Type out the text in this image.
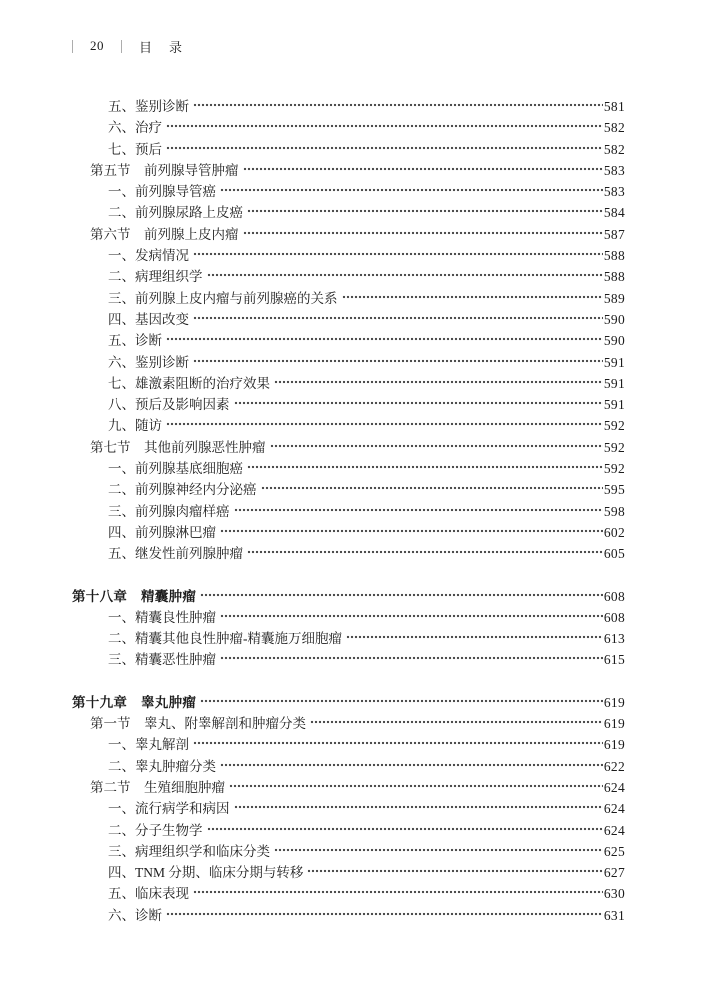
20	目　录
五、鉴别诊断	581
六、治疗	582
七、预后	582
第五节　前列腺导管肿瘤	583
一、前列腺导管癌	583
二、前列腺尿路上皮癌	584
第六节　前列腺上皮内瘤	587
一、发病情况	588
二、病理组织学	588
三、前列腺上皮内瘤与前列腺癌的关系	589
四、基因改变	590
五、诊断	590
六、鉴别诊断	591
七、雄激素阻断的治疗效果	591
八、预后及影响因素	591
九、随访	592
第七节　其他前列腺恶性肿瘤	592
一、前列腺基底细胞癌	592
二、前列腺神经内分泌癌	595
三、前列腺肉瘤样癌	598
四、前列腺淋巴瘤	602
五、继发性前列腺肿瘤	605
第十八章　精囊肿瘤	608
一、精囊良性肿瘤	608
二、精囊其他良性肿瘤-精囊施万细胞瘤	613
三、精囊恶性肿瘤	615
第十九章　睾丸肿瘤	619
第一节　睾丸、附睾解剖和肿瘤分类	619
一、睾丸解剖	619
二、睾丸肿瘤分类	622
第二节　生殖细胞肿瘤	624
一、流行病学和病因	624
二、分子生物学	624
三、病理组织学和临床分类	625
四、TNM 分期、临床分期与转移	627
五、临床表现	630
六、诊断	631
